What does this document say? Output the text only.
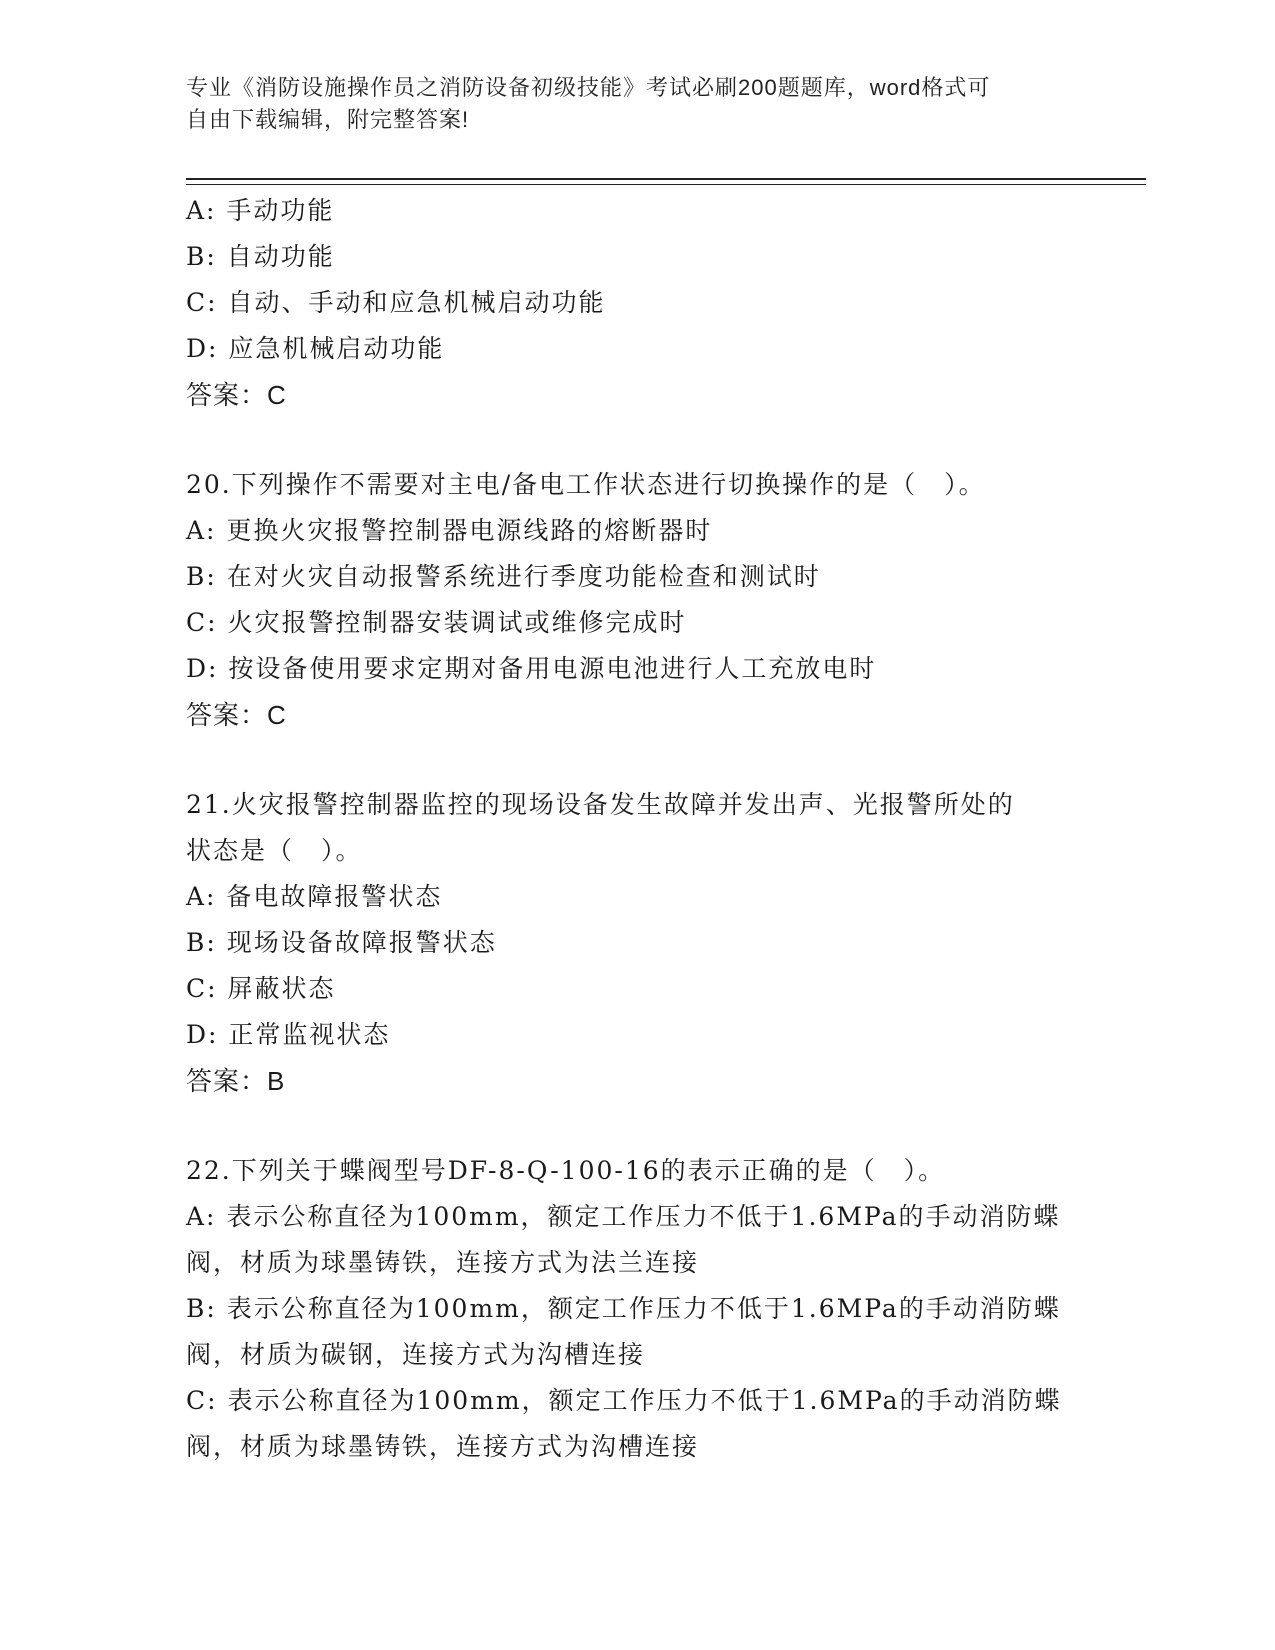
专业《消防设施操作员之消防设备初级技能》考试必刷200题题库，word格式可
自由下载编辑，附完整答案!
A: 手动功能
B: 自动功能
C: 自动、手动和应急机械启动功能
D: 应急机械启动功能
答案：C
20.下列操作不需要对主电/备电工作状态进行切换操作的是（　）。
A: 更换火灾报警控制器电源线路的熔断器时
B: 在对火灾自动报警系统进行季度功能检查和测试时
C: 火灾报警控制器安装调试或维修完成时
D: 按设备使用要求定期对备用电源电池进行人工充放电时
答案：C
21.火灾报警控制器监控的现场设备发生故障并发出声、光报警所处的
状态是（　）。
A: 备电故障报警状态
B: 现场设备故障报警状态
C: 屏蔽状态
D: 正常监视状态
答案：B
22.下列关于蝶阀型号DF-8-Q-100-16的表示正确的是（　）。
A: 表示公称直径为100mm，额定工作压力不低于1.6MPa的手动消防蝶
阀，材质为球墨铸铁，连接方式为法兰连接
B: 表示公称直径为100mm，额定工作压力不低于1.6MPa的手动消防蝶
阀，材质为碳钢，连接方式为沟槽连接
C: 表示公称直径为100mm，额定工作压力不低于1.6MPa的手动消防蝶
阀，材质为球墨铸铁，连接方式为沟槽连接
